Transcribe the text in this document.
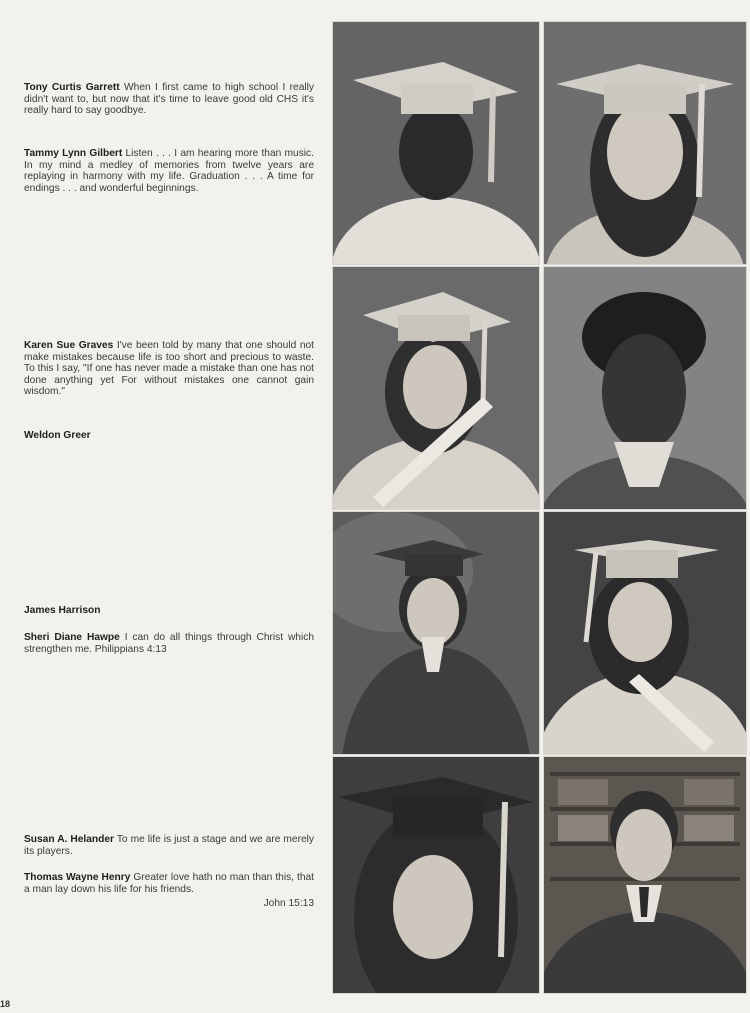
Tony Curtis Garrett When I first came to high school I really didn't want to, but now that it's time to leave good old CHS it's really hard to say goodbye.
Tammy Lynn Gilbert Listen . . . I am hearing more than music. In my mind a medley of memories from twelve years are replaying in harmony with my life. Graduation . . . A time for endings . . . and wonderful beginnings.
Karen Sue Graves I've been told by many that one should not make mistakes because life is too short and precious to waste. To this I say, "If one has never made a mistake than one has not done anything yet For without mistakes one cannot gain wisdom."
Weldon Greer
James Harrison
Sheri Diane Hawpe I can do all things through Christ which strengthen me. Philippians 4:13
Susan A. Helander To me life is just a stage and we are merely its players.
Thomas Wayne Henry Greater love hath no man than this, that a man lay down his life for his friends.
John 15:13
18
